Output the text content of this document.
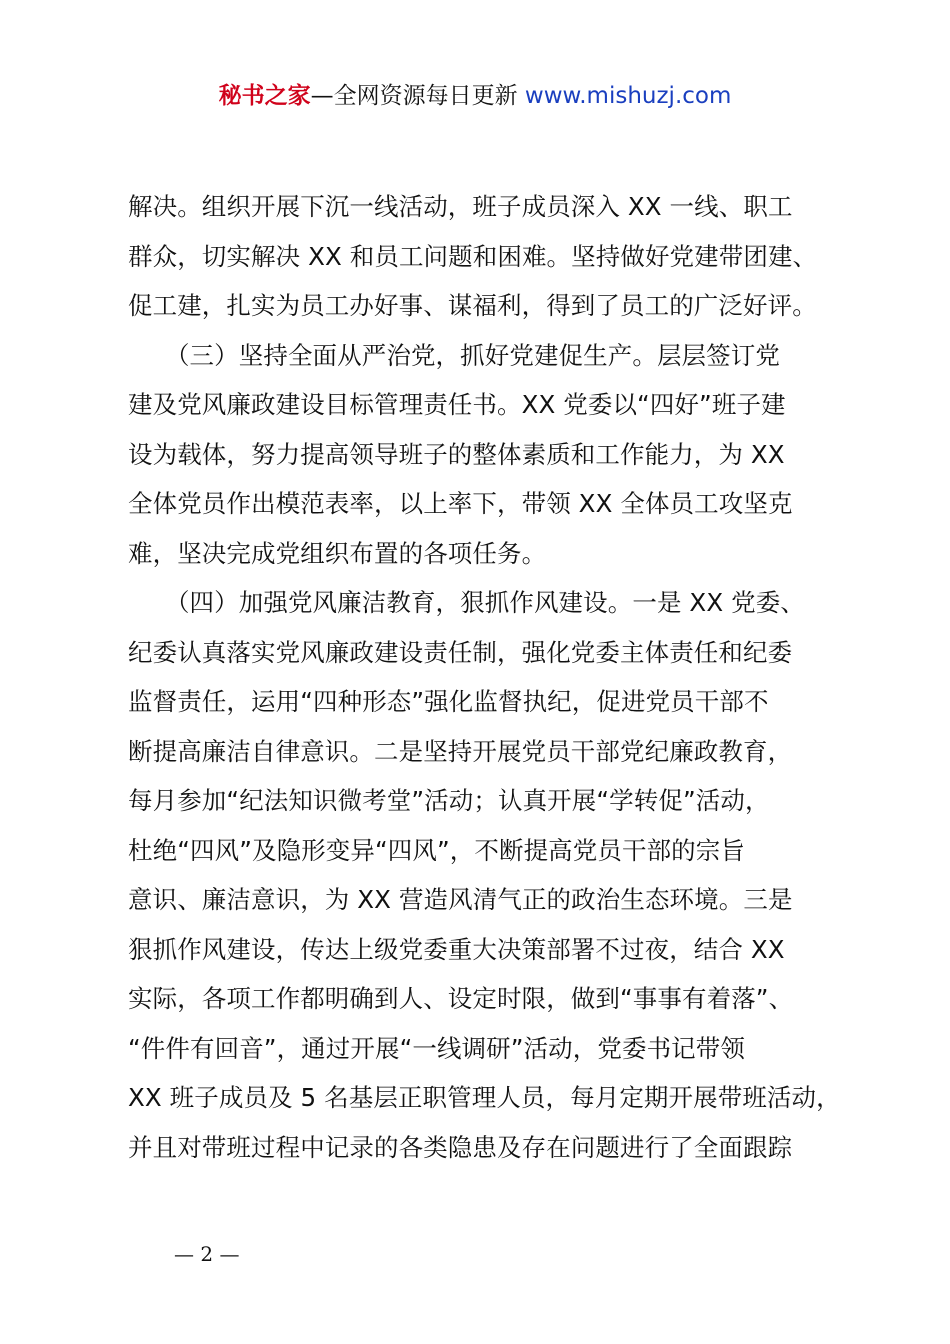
秘书之家—全网资源每日更新 www.mishuzj.com
解决。组织开展下沉一线活动，班子成员深入 XX 一线、职工
群众，切实解决 XX 和员工问题和困难。坚持做好党建带团建、
促工建，扎实为员工办好事、谋福利，得到了员工的广泛好评。
　　（三）坚持全面从严治党，抓好党建促生产。层层签订党
建及党风廉政建设目标管理责任书。XX 党委以“四好”班子建
设为载体，努力提高领导班子的整体素质和工作能力，为 XX
全体党员作出模范表率，以上率下，带领 XX 全体员工攻坚克
难，坚决完成党组织布置的各项任务。
　　（四）加强党风廉洁教育，狠抓作风建设。一是 XX 党委、
纪委认真落实党风廉政建设责任制，强化党委主体责任和纪委
监督责任，运用“四种形态”强化监督执纪，促进党员干部不
断提高廉洁自律意识。二是坚持开展党员干部党纪廉政教育，
每月参加“纪法知识微考堂”活动；认真开展“学转促”活动，
杜绝“四风”及隐形变异“四风”，不断提高党员干部的宗旨
意识、廉洁意识，为 XX 营造风清气正的政治生态环境。三是
狠抓作风建设，传达上级党委重大决策部署不过夜，结合 XX
实际，各项工作都明确到人、设定时限，做到“事事有着落”、
“件件有回音”，通过开展“一线调研”活动，党委书记带领
XX 班子成员及 5 名基层正职管理人员，每月定期开展带班活动，
并且对带班过程中记录的各类隐患及存在问题进行了全面跟踪
— 2 —
